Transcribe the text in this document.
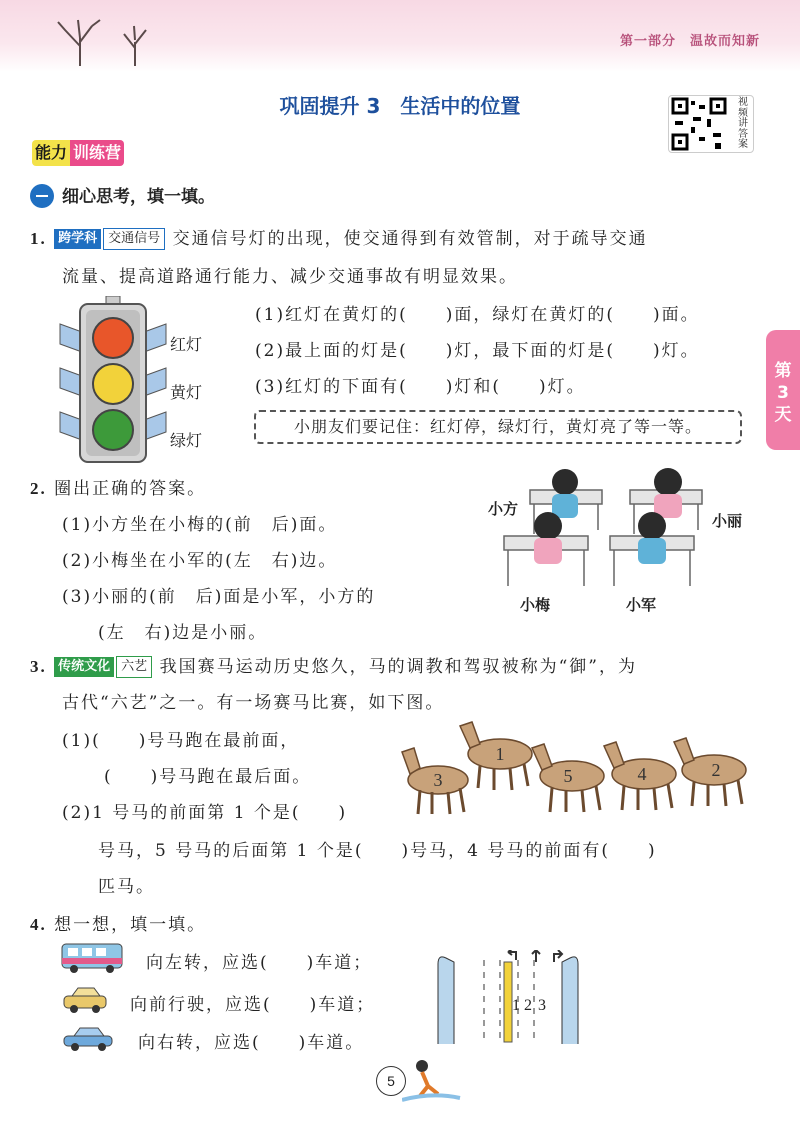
第一部分　温故而知新
巩固提升 3　生活中的位置	视频讲答案
能力 训练营
细心思考，填一填。
1. 跨学科 交通信号 交通信号灯的出现，使交通得到有效管制，对于疏导交通
流量、提高道路通行能力、减少交通事故有明显效果。
红灯
黄灯
绿灯
(1)红灯在黄灯的(　　)面，绿灯在黄灯的(　　)面。
(2)最上面的灯是(　　)灯，最下面的灯是(　　)灯。
(3)红灯的下面有(　　)灯和(　　)灯。
小朋友们要记住：红灯停，绿灯行，黄灯亮了等一等。
第
3
天
2. 圈出正确的答案。
(1)小方坐在小梅的(前　后)面。
(2)小梅坐在小军的(左　右)边。
(3)小丽的(前　后)面是小军，小方的
(左　右)边是小丽。
小方
小丽
小梅	小军
3. 传统文化 六艺 我国赛马运动历史悠久，马的调教和驾驭被称为“御”，为
古代“六艺”之一。有一场赛马比赛，如下图。
(1)(　　)号马跑在最前面，
(　　)号马跑在最后面。
(2)1 号马的前面第 1 个是(　　)
号马，5 号马的后面第 1 个是(　　)号马，4 号马的前面有(　　)
匹马。
3
1
5	4	2
4. 想一想，填一填。
向左转，应选(　　)车道；
向前行驶，应选(　　)车道；
向右转，应选(　　)车道。
1 2 3
5
